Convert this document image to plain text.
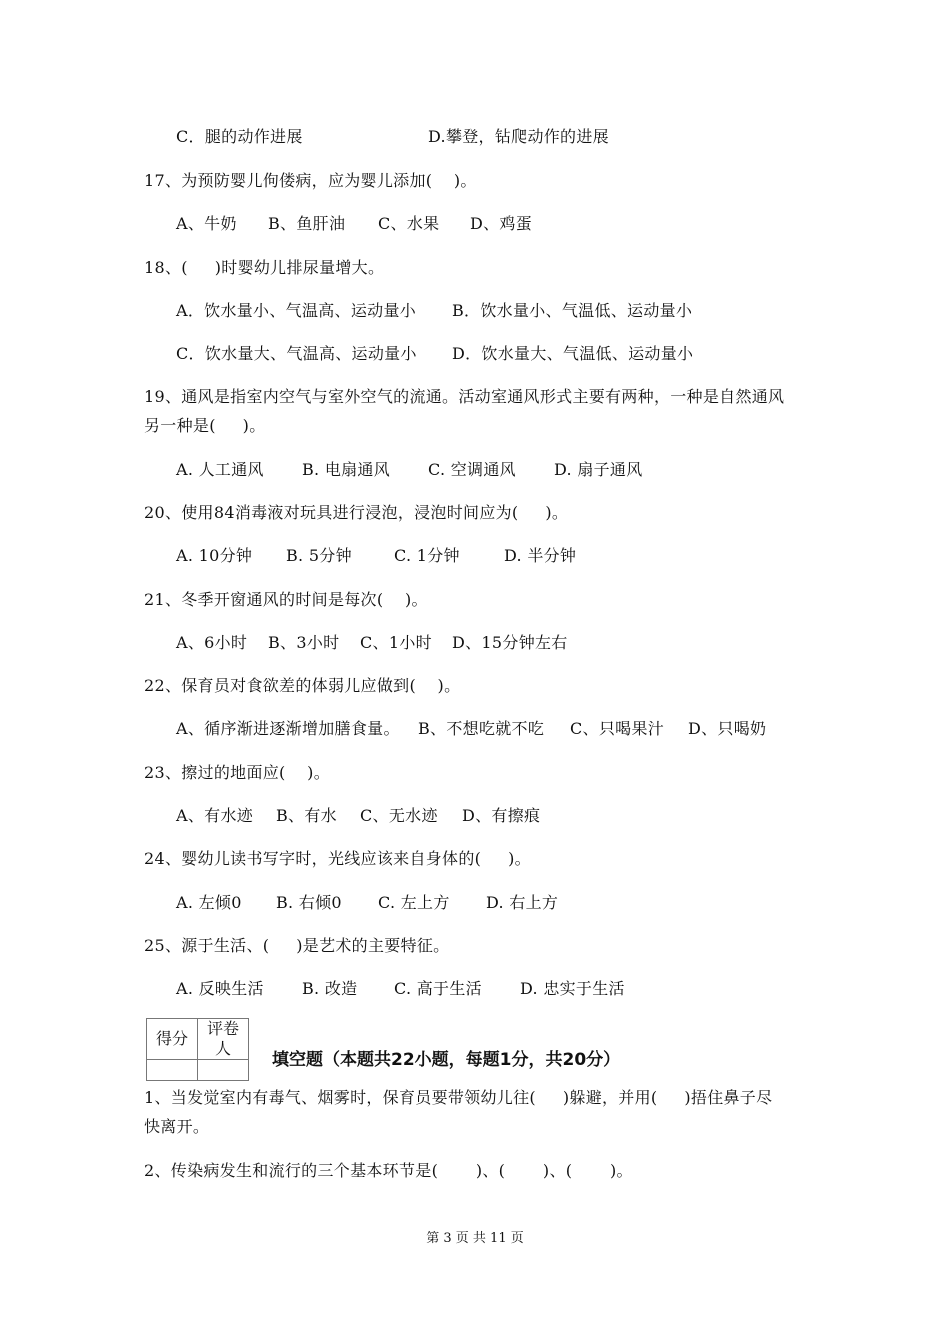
C．腿的动作进展	D.攀登，钻爬动作的进展
17、为预防婴儿佝偻病，应为婴儿添加(    )。
A、牛奶 B、鱼肝油 C、水果 D、鸡蛋
18、(     )时婴幼儿排尿量增大。
A．饮水量小、气温高、运动量小 B．饮水量小、气温低、运动量小
C．饮水量大、气温高、运动量小 D．饮水量大、气温低、运动量小
19、通风是指室内空气与室外空气的流通。活动室通风形式主要有两种，一种是自然通风
另一种是(     )。
A. 人工通风 B. 电扇通风 C. 空调通风 D. 扇子通风
20、使用84消毒液对玩具进行浸泡，浸泡时间应为(     )。
A. 10分钟 B. 5分钟	C. 1分钟	D. 半分钟
21、冬季开窗通风的时间是每次(    )。
A、6小时 B、3小时 C、1小时 D、15分钟左右
22、保育员对食欲差的体弱儿应做到(    )。
A、循序渐进逐渐增加膳食量。 B、不想吃就不吃 C、只喝果汁 D、只喝奶
23、擦过的地面应(    )。
A、有水迹 B、有水 C、无水迹 D、有擦痕
24、婴幼儿读书写字时，光线应该来自身体的(     )。
A. 左倾0 B. 右倾0 C. 左上方 D. 右上方
25、源于生活、(     )是艺术的主要特征。
A. 反映生活 B. 改造 C. 高于生活 D. 忠实于生活
得分	评卷人

填空题（本题共22小题，每题1分，共20分）
1、当发觉室内有毒气、烟雾时，保育员要带领幼儿往(     )躲避，并用(     )捂住鼻子尽
快离开。
2、传染病发生和流行的三个基本环节是(       )、(       )、(       )。
第 3 页 共 11 页
